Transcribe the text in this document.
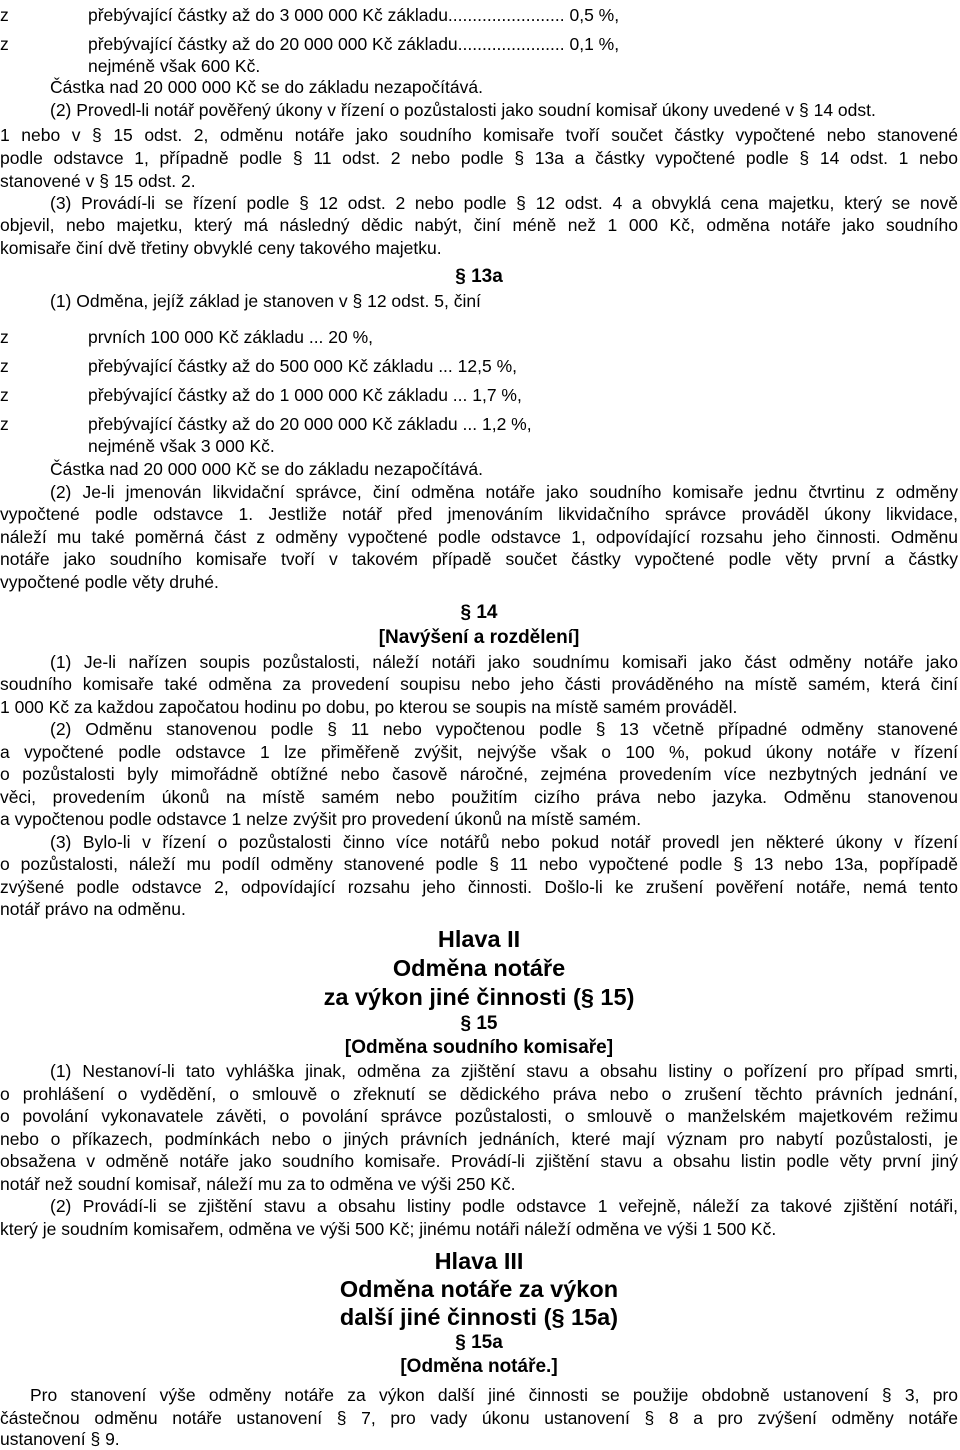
z	přebývající částky až do 3 000 000 Kč základu........................ 0,5 %,
z	přebývající částky až do 20 000 000 Kč základu...................... 0,1 %,
nejméně však 600 Kč.
Částka nad 20 000 000 Kč se do základu nezapočítává.
(2) Provedl-li notář pověřený úkony v řízení o pozůstalosti jako soudní komisař úkony uvedené v § 14 odst.
1 nebo v § 15 odst. 2, odměnu notáře jako soudního komisaře tvoří součet částky vypočtené nebo stanovené
podle odstavce 1, případně podle § 11 odst. 2 nebo podle § 13a a částky vypočtené podle § 14 odst. 1 nebo
stanovené v § 15 odst. 2.
(3) Provádí-li se řízení podle § 12 odst. 2 nebo podle § 12 odst. 4 a obvyklá cena majetku, který se nově
objevil, nebo majetku, který má následný dědic nabýt, činí méně než 1 000 Kč, odměna notáře jako soudního
komisaře činí dvě třetiny obvyklé ceny takového majetku.
§ 13a
(1) Odměna, jejíž základ je stanoven v § 12 odst. 5, činí
z	prvních 100 000 Kč základu ... 20 %,
z	přebývající částky až do 500 000 Kč základu ... 12,5 %,
z	přebývající částky až do 1 000 000 Kč základu ... 1,7 %,
z	přebývající částky až do 20 000 000 Kč základu ... 1,2 %,
nejméně však 3 000 Kč.
Částka nad 20 000 000 Kč se do základu nezapočítává.
(2) Je-li jmenován likvidační správce, činí odměna notáře jako soudního komisaře jednu čtvrtinu z odměny
vypočtené podle odstavce 1. Jestliže notář před jmenováním likvidačního správce prováděl úkony likvidace,
náleží mu také poměrná část z odměny vypočtené podle odstavce 1, odpovídající rozsahu jeho činnosti. Odměnu
notáře jako soudního komisaře tvoří v takovém případě součet částky vypočtené podle věty první a částky
vypočtené podle věty druhé.
§ 14
[Navýšení a rozdělení]
(1) Je-li nařízen soupis pozůstalosti, náleží notáři jako soudnímu komisaři jako část odměny notáře jako
soudního komisaře také odměna za provedení soupisu nebo jeho části prováděného na místě samém, která činí
1 000 Kč za každou započatou hodinu po dobu, po kterou se soupis na místě samém prováděl.
(2) Odměnu stanovenou podle § 11 nebo vypočtenou podle § 13 včetně případné odměny stanovené
a vypočtené podle odstavce 1 lze přiměřeně zvýšit, nejvýše však o 100 %, pokud úkony notáře v řízení
o pozůstalosti byly mimořádně obtížné nebo časově náročné, zejména provedením více nezbytných jednání ve
věci, provedením úkonů na místě samém nebo použitím cizího práva nebo jazyka. Odměnu stanovenou
a vypočtenou podle odstavce 1 nelze zvýšit pro provedení úkonů na místě samém.
(3) Bylo-li v řízení o pozůstalosti činno více notářů nebo pokud notář provedl jen některé úkony v řízení
o pozůstalosti, náleží mu podíl odměny stanovené podle § 11 nebo vypočtené podle § 13 nebo 13a, popřípadě
zvýšené podle odstavce 2, odpovídající rozsahu jeho činnosti. Došlo-li ke zrušení pověření notáře, nemá tento
notář právo na odměnu.
Hlava II
Odměna notáře
za výkon jiné činnosti (§ 15)
§ 15
[Odměna soudního komisaře]
(1) Nestanoví-li tato vyhláška jinak, odměna za zjištění stavu a obsahu listiny o pořízení pro případ smrti,
o prohlášení o vydědění, o smlouvě o zřeknutí se dědického práva nebo o zrušení těchto právních jednání,
o povolání vykonavatele závěti, o povolání správce pozůstalosti, o smlouvě o manželském majetkovém režimu
nebo o příkazech, podmínkách nebo o jiných právních jednáních, které mají význam pro nabytí pozůstalosti, je
obsažena v odměně notáře jako soudního komisaře. Provádí-li zjištění stavu a obsahu listin podle věty první jiný
notář než soudní komisař, náleží mu za to odměna ve výši 250 Kč.
(2) Provádí-li se zjištění stavu a obsahu listiny podle odstavce 1 veřejně, náleží za takové zjištění notáři,
který je soudním komisařem, odměna ve výši 500 Kč; jinému notáři náleží odměna ve výši 1 500 Kč.
Hlava III
Odměna notáře za výkon
další jiné činnosti (§ 15a)
§ 15a
[Odměna notáře.]
Pro stanovení výše odměny notáře za výkon další jiné činnosti se použije obdobně ustanovení § 3, pro
částečnou odměnu notáře ustanovení § 7, pro vady úkonu ustanovení § 8 a pro zvýšení odměny notáře
ustanovení § 9.
